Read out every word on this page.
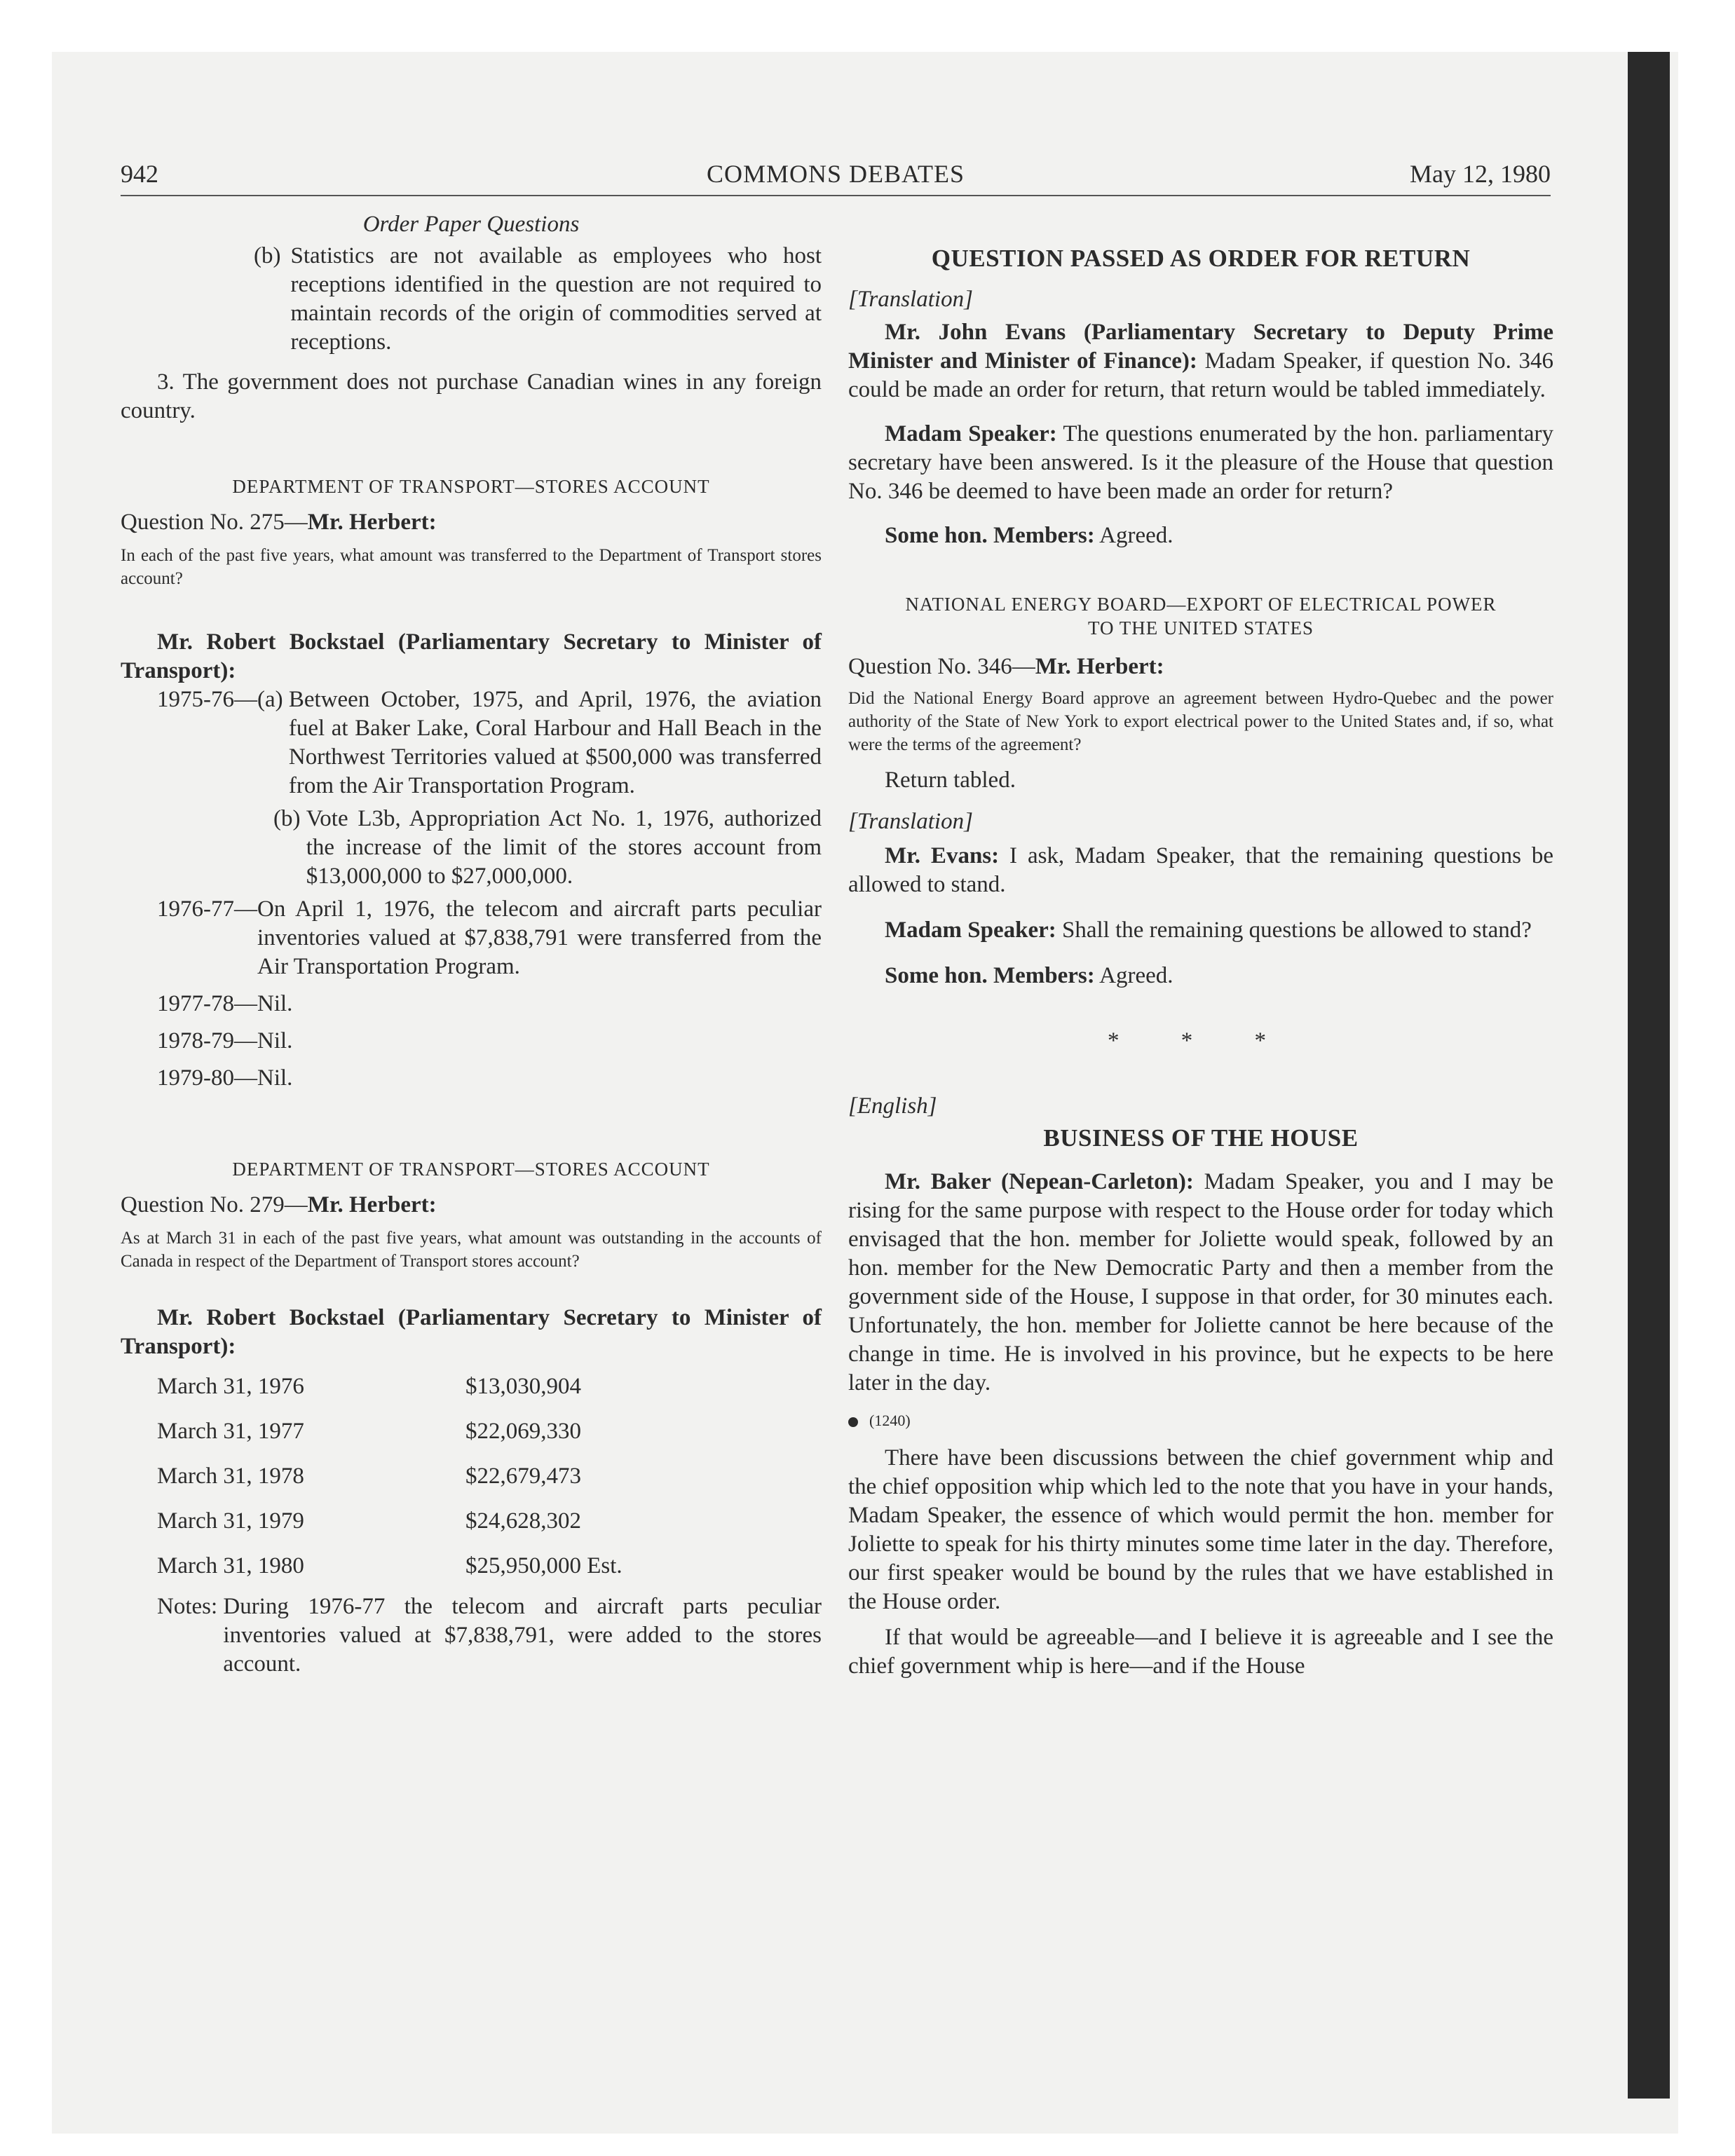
942	COMMONS DEBATES	May 12, 1980

Order Paper Questions

(b) Statistics are not available as employees who host receptions identified in the question are not required to maintain records of the origin of commodities served at receptions.

3. The government does not purchase Canadian wines in any foreign country.

DEPARTMENT OF TRANSPORT—STORES ACCOUNT

Question No. 275—Mr. Herbert:

In each of the past five years, what amount was transferred to the Department of Transport stores account?

Mr. Robert Bockstael (Parliamentary Secretary to Minister of Transport):

1975-76—(a) Between October, 1975, and April, 1976, the aviation fuel at Baker Lake, Coral Harbour and Hall Beach in the Northwest Territories valued at $500,000 was transferred from the Air Transportation Program.
(b) Vote L3b, Appropriation Act No. 1, 1976, authorized the increase of the limit of the stores account from $13,000,000 to $27,000,000.
1976-77— On April 1, 1976, the telecom and aircraft parts peculiar inventories valued at $7,838,791 were transferred from the Air Transportation Program.

1977-78—Nil.

1978-79—Nil.

1979-80—Nil.

DEPARTMENT OF TRANSPORT—STORES ACCOUNT

Question No. 279—Mr. Herbert:

As at March 31 in each of the past five years, what amount was outstanding in the accounts of Canada in respect of the Department of Transport stores account?

Mr. Robert Bockstael (Parliamentary Secretary to Minister of Transport):

March 31, 1976	$13,030,904
March 31, 1977	$22,069,330
March 31, 1978	$22,679,473
March 31, 1979	$24,628,302
March 31, 1980	$25,950,000 Est.
Notes: During 1976-77 the telecom and aircraft parts peculiar inventories valued at $7,838,791, were added to the stores account.

QUESTION PASSED AS ORDER FOR RETURN

[Translation]

Mr. John Evans (Parliamentary Secretary to Deputy Prime Minister and Minister of Finance): Madam Speaker, if question No. 346 could be made an order for return, that return would be tabled immediately.

Madam Speaker: The questions enumerated by the hon. parliamentary secretary have been answered. Is it the pleasure of the House that question No. 346 be deemed to have been made an order for return?

Some hon. Members: Agreed.

NATIONAL ENERGY BOARD—EXPORT OF ELECTRICAL POWER

TO THE UNITED STATES

Question No. 346—Mr. Herbert:

Did the National Energy Board approve an agreement between Hydro-Quebec and the power authority of the State of New York to export electrical power to the United States and, if so, what were the terms of the agreement?

Return tabled.

[Translation]

Mr. Evans: I ask, Madam Speaker, that the remaining questions be allowed to stand.

Madam Speaker: Shall the remaining questions be allowed to stand?

Some hon. Members: Agreed.

* * *

[English]

BUSINESS OF THE HOUSE

Mr. Baker (Nepean-Carleton): Madam Speaker, you and I may be rising for the same purpose with respect to the House order for today which envisaged that the hon. member for Joliette would speak, followed by an hon. member for the New Democratic Party and then a member from the government side of the House, I suppose in that order, for 30 minutes each. Unfortunately, the hon. member for Joliette cannot be here because of the change in time. He is involved in his province, but he expects to be here later in the day.

(1240)

There have been discussions between the chief government whip and the chief opposition whip which led to the note that you have in your hands, Madam Speaker, the essence of which would permit the hon. member for Joliette to speak for his thirty minutes some time later in the day. Therefore, our first speaker would be bound by the rules that we have established in the House order.

If that would be agreeable—and I believe it is agreeable and I see the chief government whip is here—and if the House
